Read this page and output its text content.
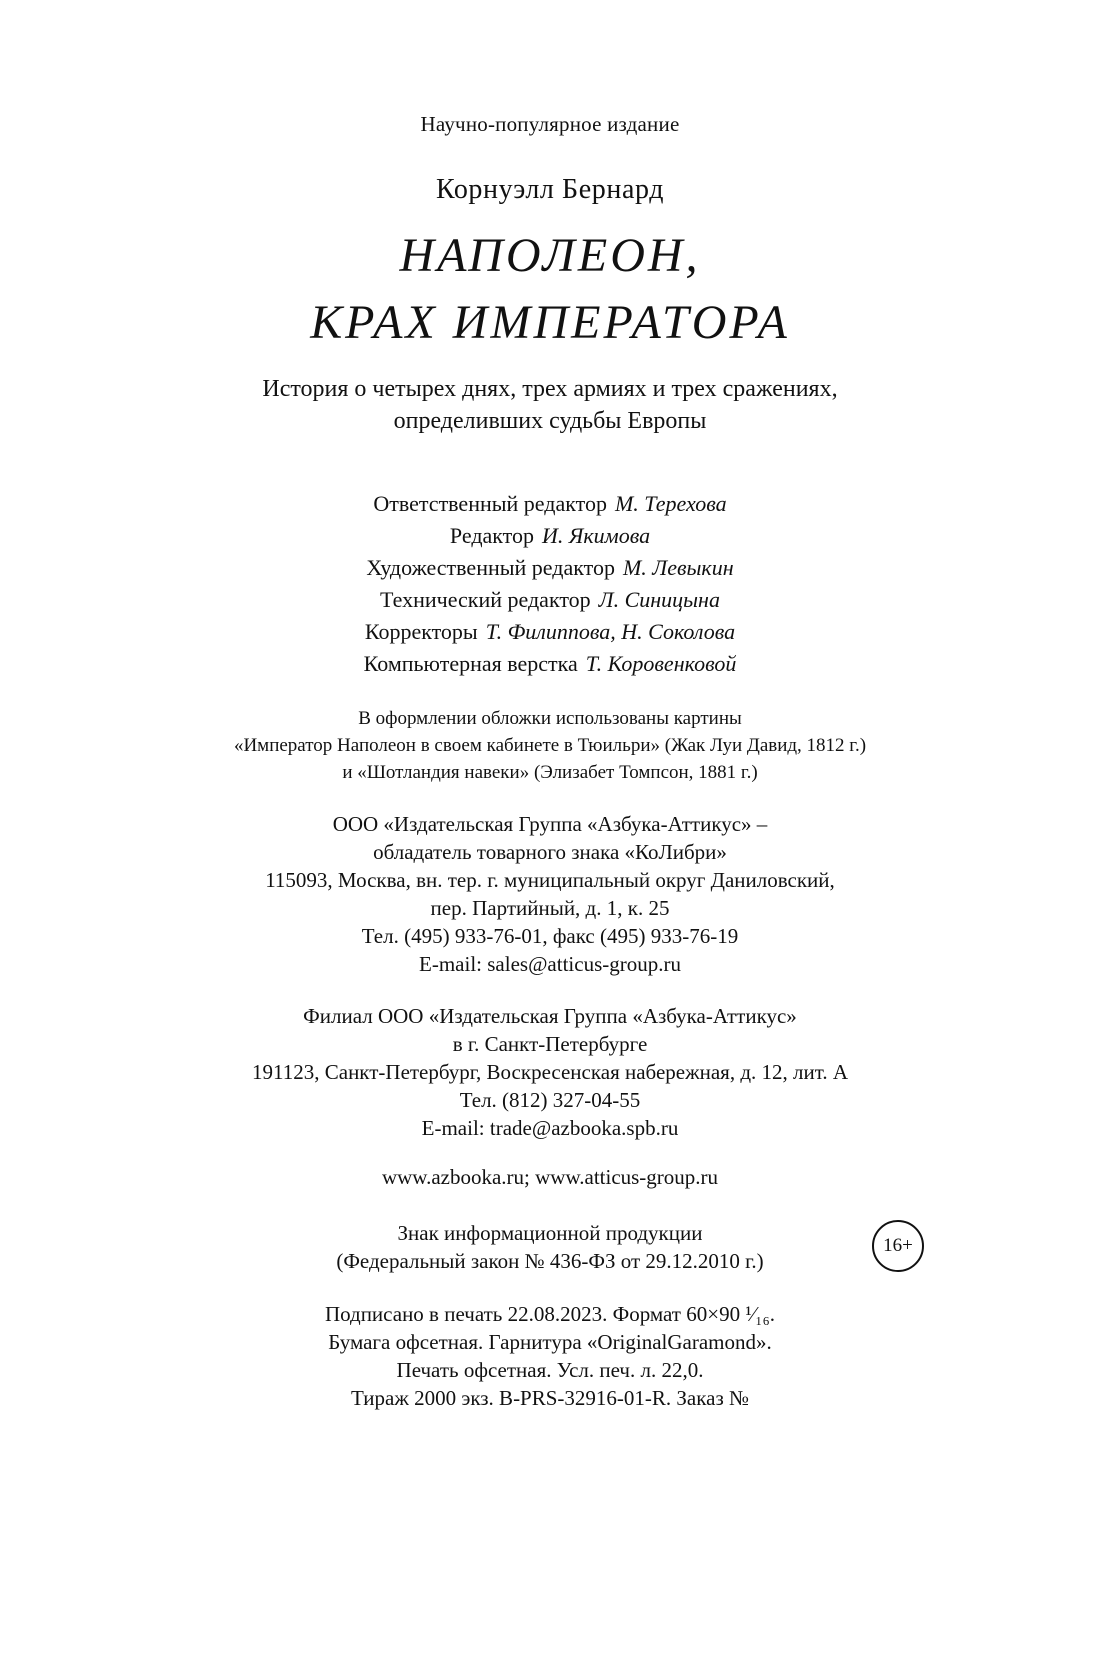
Научно-популярное издание
Корнуэлл Бернард
НАПОЛЕОН,
КРАХ ИМПЕРАТОРА
История о четырех днях, трех армиях и трех сражениях,
определивших судьбы Европы
Ответственный редактор М. Терехова
Редактор И. Якимова
Художественный редактор М. Левыкин
Технический редактор Л. Синицына
Корректоры Т. Филиппова, Н. Соколова
Компьютерная верстка Т. Коровенковой
В оформлении обложки использованы картины
«Император Наполеон в своем кабинете в Тюильри» (Жак Луи Давид, 1812 г.)
и «Шотландия навеки» (Элизабет Томпсон, 1881 г.)
ООО «Издательская Группа «Азбука-Аттикус» –
обладатель товарного знака «КоЛибри»
115093, Москва, вн. тер. г. муниципальный округ Даниловский,
пер. Партийный, д. 1, к. 25
Тел. (495) 933-76-01, факс (495) 933-76-19
E-mail: sales@atticus-group.ru
Филиал ООО «Издательская Группа «Азбука-Аттикус»
в г. Санкт-Петербурге
191123, Санкт-Петербург, Воскресенская набережная, д. 12, лит. А
Тел. (812) 327-04-55
E-mail: trade@azbooka.spb.ru
www.azbooka.ru; www.atticus-group.ru
Знак информационной продукции
(Федеральный закон № 436-ФЗ от 29.12.2010 г.)
16+
Подписано в печать 22.08.2023. Формат 60×90 ¹⁄₁₆.
Бумага офсетная. Гарнитура «OriginalGaramond».
Печать офсетная. Усл. печ. л. 22,0.
Тираж 2000 экз. В-PRS-32916-01-R. Заказ №
